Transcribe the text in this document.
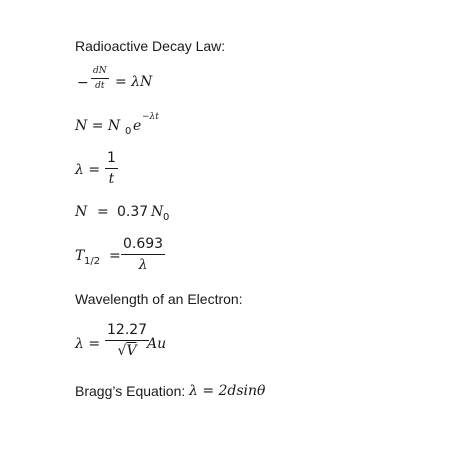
Radioactive Decay Law:
− $\frac{dN}{dt} = \lambda N$
N = N 0 e
−λt
$\lambda = \frac{1}{t}$
N = 0.37 N 0
T $1/2 = \frac{0.693}{\lambda}$
Wavelength of an Electron:
$\lambda = \frac{12.27}{√V}$
Au
Bragg’s Equation: λ = 2dsinθ
